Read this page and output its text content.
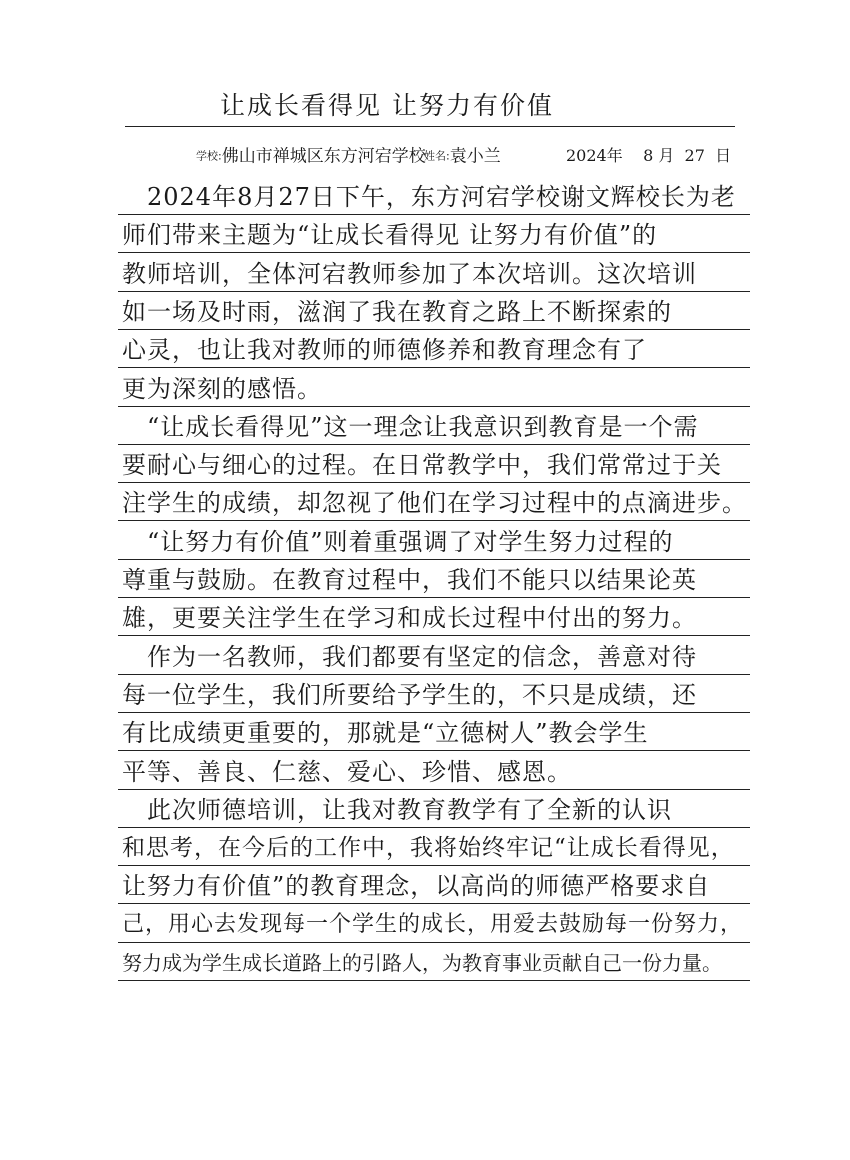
让成长看得见 让努力有价值
学校:佛山市禅城区东方河宕学校
姓名:袁小兰	2024年 8 月 27 日
　2024年8月27日下午，东方河宕学校谢文辉校长为老
师们带来主题为“让成长看得见 让努力有价值”的
教师培训，全体河宕教师参加了本次培训。这次培训
如一场及时雨，滋润了我在教育之路上不断探索的
心灵，也让我对教师的师德修养和教育理念有了
更为深刻的感悟。
　“让成长看得见”这一理念让我意识到教育是一个需
要耐心与细心的过程。在日常教学中，我们常常过于关
注学生的成绩，却忽视了他们在学习过程中的点滴进步。
　“让努力有价值”则着重强调了对学生努力过程的
尊重与鼓励。在教育过程中，我们不能只以结果论英
雄，更要关注学生在学习和成长过程中付出的努力。
　作为一名教师，我们都要有坚定的信念，善意对待
每一位学生，我们所要给予学生的，不只是成绩，还
有比成绩更重要的，那就是“立德树人”教会学生
平等、善良、仁慈、爱心、珍惜、感恩。
　此次师德培训，让我对教育教学有了全新的认识
和思考，在今后的工作中，我将始终牢记“让成长看得见，
让努力有价值”的教育理念，以高尚的师德严格要求自
己，用心去发现每一个学生的成长，用爱去鼓励每一份努力，
努力成为学生成长道路上的引路人，为教育事业贡献自己一份力量。
